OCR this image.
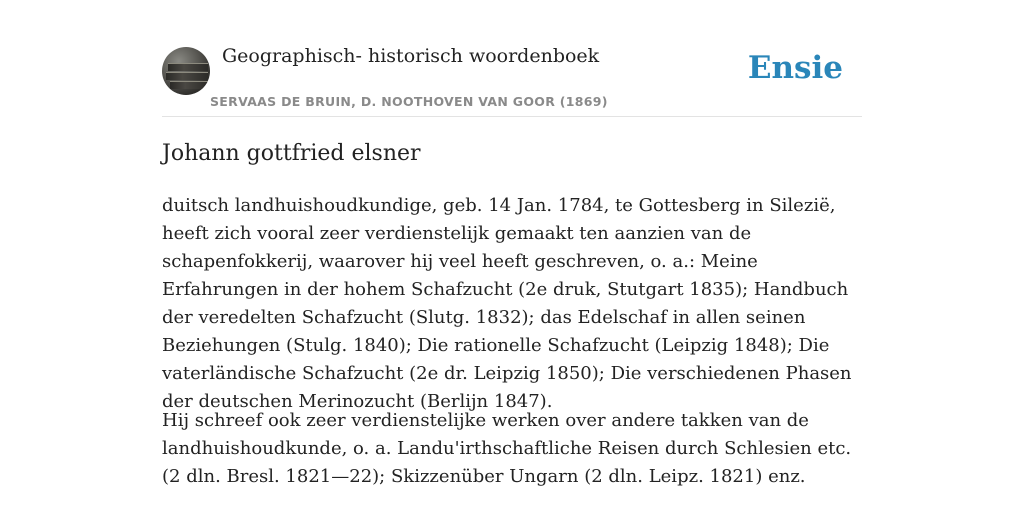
Geographisch- historisch woordenboek
SERVAAS DE BRUIN, D. NOOTHOVEN VAN GOOR (1869)
Ensie
Johann gottfried elsner

duitsch landhuishoudkundige, geb. 14 Jan. 1784, te Gottesberg in Silezië, heeft zich vooral zeer verdienstelijk gemaakt ten aanzien van de schapenfokkerij, waarover hij veel heeft geschreven, o. a.: Meine Erfahrungen in der hohem Schafzucht (2e druk, Stutgart 1835); Handbuch der veredelten Schafzucht (Slutg. 1832); das Edelschaf in allen seinen Beziehungen (Stulg. 1840); Die rationelle Schafzucht (Leipzig 1848); Die vaterländische Schafzucht (2e dr. Leipzig 1850); Die verschiedenen Phasen der deutschen Merinozucht (Berlijn 1847).

Hij schreef ook zeer verdienstelijke werken over andere takken van de landhuishoudkunde, o. a. Landu'irthschaftliche Reisen durch Schlesien etc. (2 dln. Bresl. 1821—22); Skizzenüber Ungarn (2 dln. Leipz. 1821) enz.
